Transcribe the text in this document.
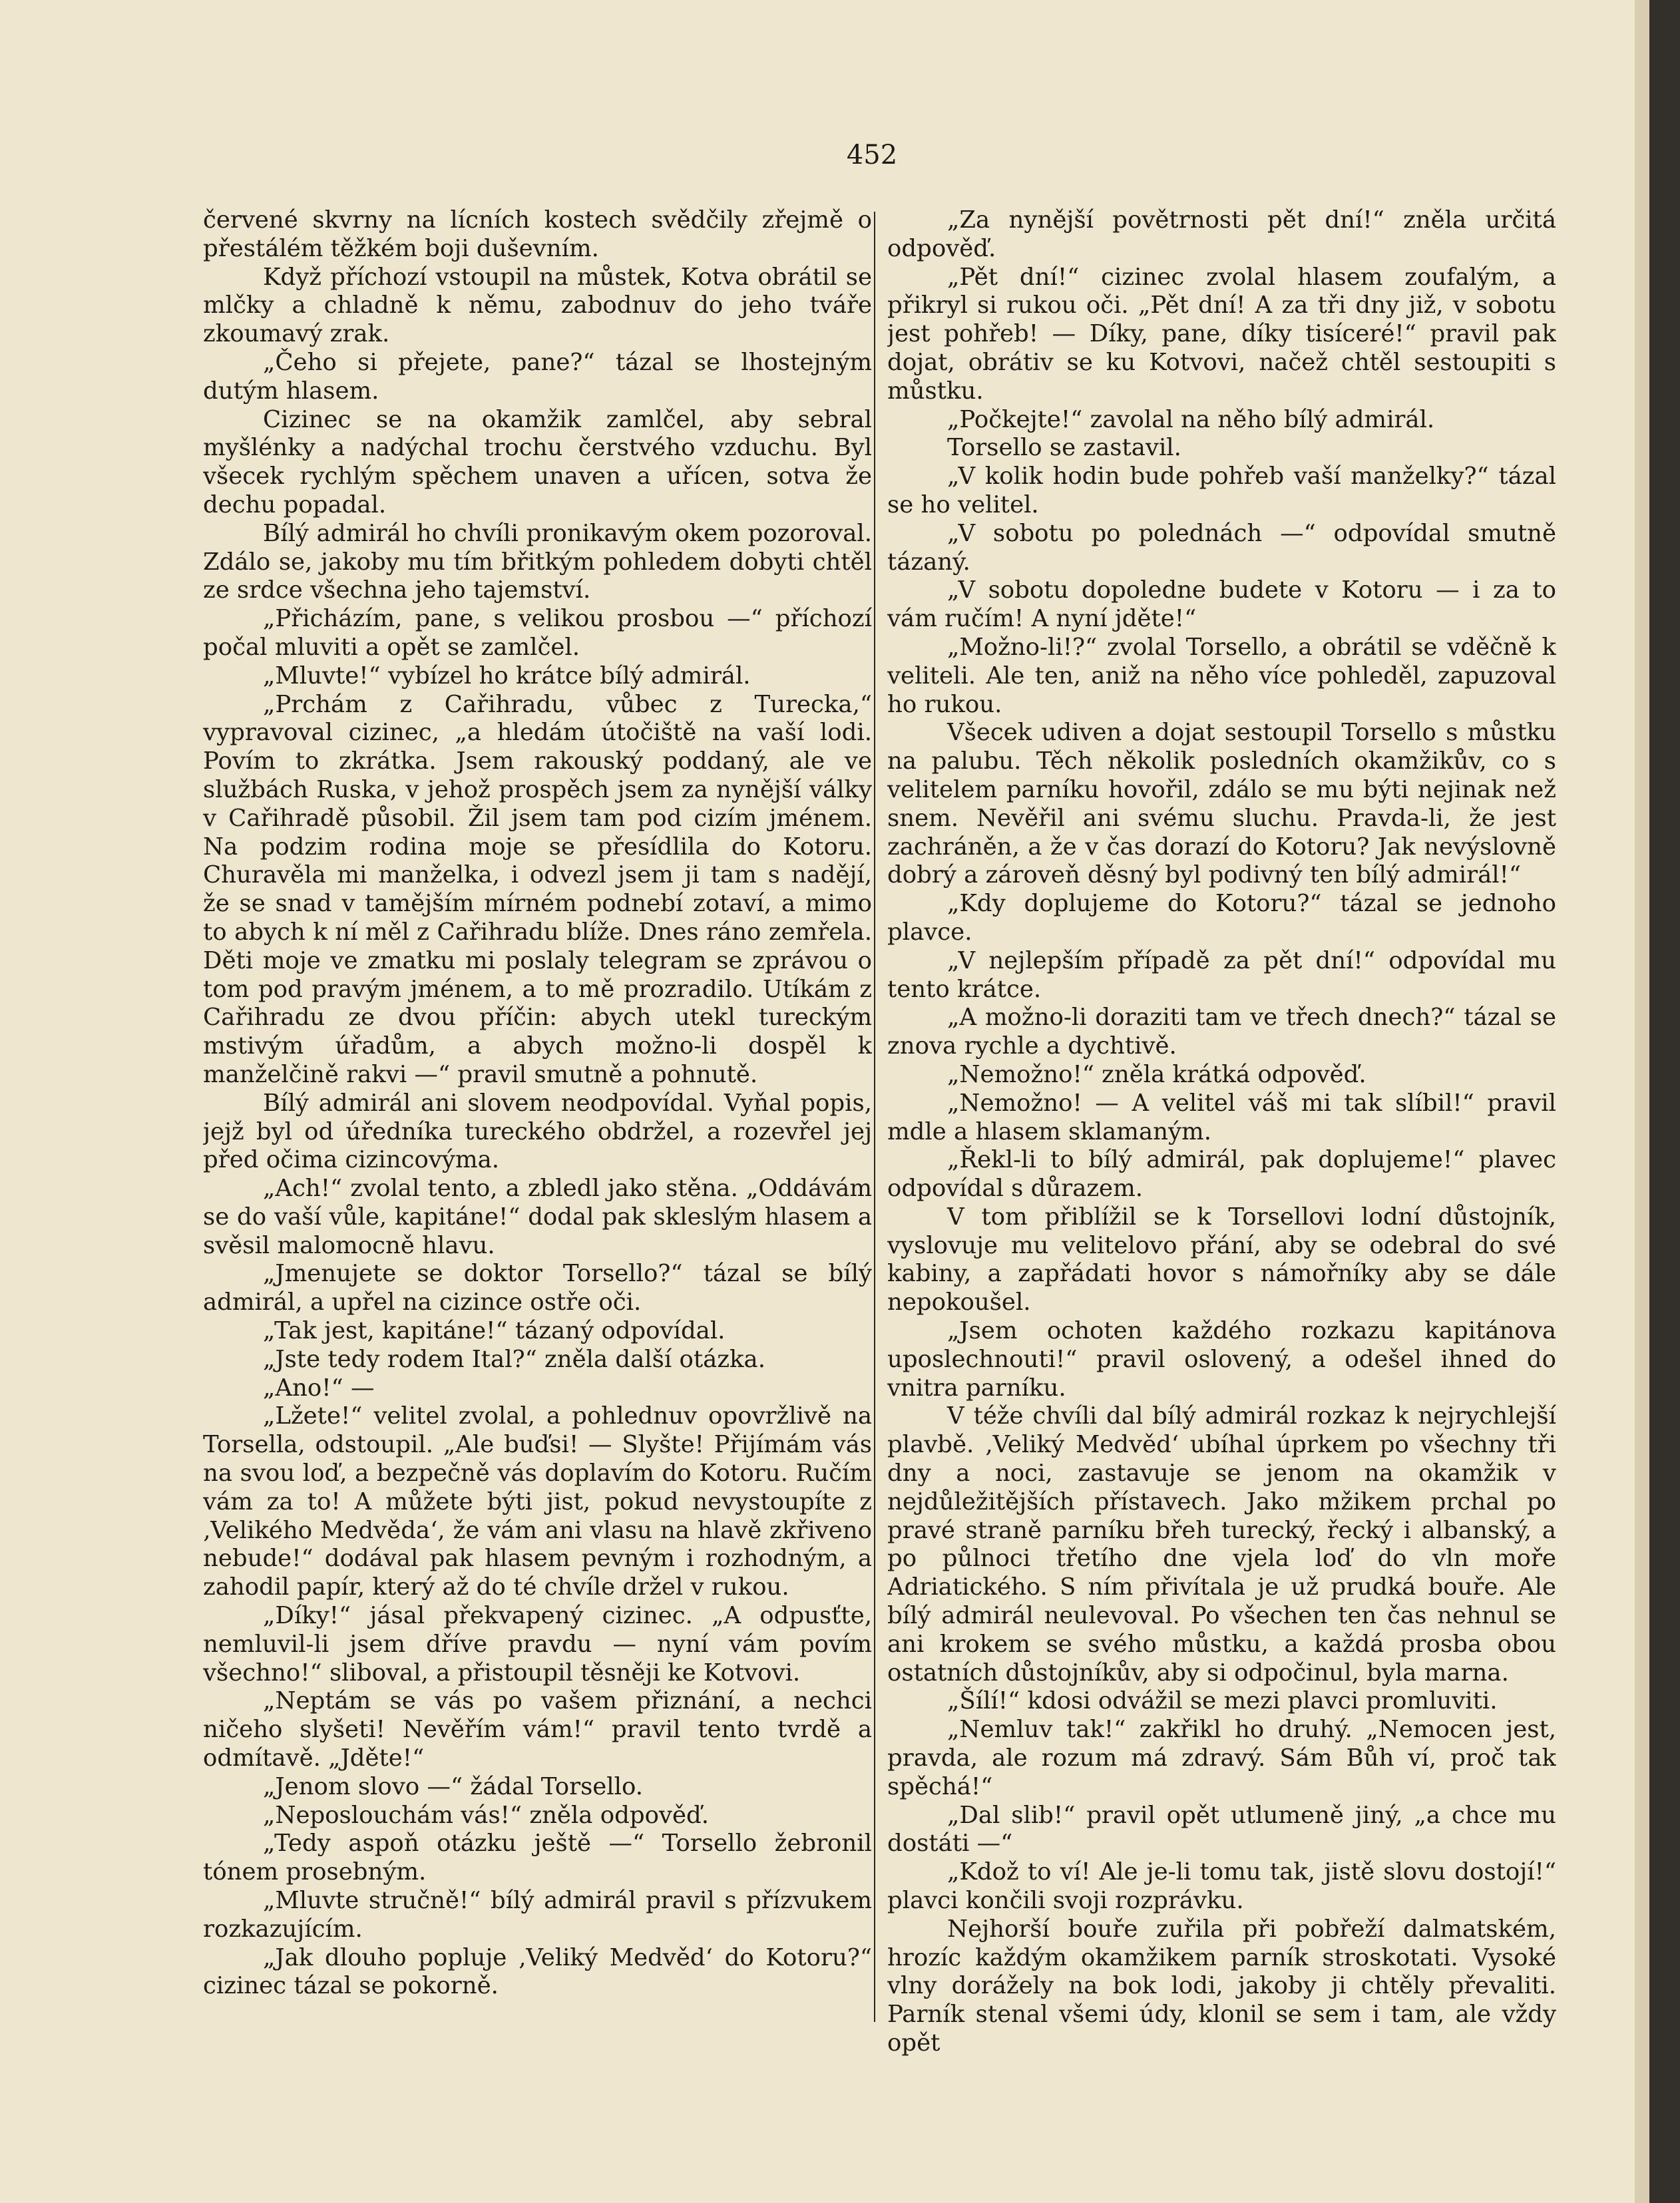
452

červené skvrny na lícních kostech svědčily zřejmě o přestálém těžkém boji duševním.

Když příchozí vstoupil na můstek, Kotva obrátil se mlčky a chladně k němu, zabodnuv do jeho tváře zkoumavý zrak.

„Čeho si přejete, pane?“ tázal se lhostejným dutým hlasem.

Cizinec se na okamžik zamlčel, aby sebral myšlénky a nadýchal trochu čerstvého vzduchu. Byl všecek rychlým spěchem unaven a uřícen, sotva že dechu popadal.

Bílý admirál ho chvíli pronikavým okem pozoroval. Zdálo se, jakoby mu tím břitkým pohledem dobyti chtěl ze srdce všechna jeho tajemství.

„Přicházím, pane, s velikou prosbou —“ příchozí počal mluviti a opět se zamlčel.

„Mluvte!“ vybízel ho krátce bílý admirál.

„Prchám z Cařihradu, vůbec z Turecka,“ vypravoval cizinec, „a hledám útočiště na vaší lodi. Povím to zkrátka. Jsem rakouský poddaný, ale ve službách Ruska, v jehož prospěch jsem za nynější války v Cařihradě působil. Žil jsem tam pod cizím jménem. Na podzim rodina moje se přesídlila do Kotoru. Churavěla mi manželka, i odvezl jsem ji tam s nadějí, že se snad v tamějším mírném podnebí zotaví, a mimo to abych k ní měl z Cařihradu blíže. Dnes ráno zemřela. Děti moje ve zmatku mi poslaly telegram se zprávou o tom pod pravým jménem, a to mě prozradilo. Utíkám z Cařihradu ze dvou příčin: abych utekl tureckým mstivým úřadům, a abych možno-li dospěl k manželčině rakvi —“ pravil smutně a pohnutě.

Bílý admirál ani slovem neodpovídal. Vyňal popis, jejž byl od úředníka tureckého obdržel, a rozevřel jej před očima cizincovýma.

„Ach!“ zvolal tento, a zbledl jako stěna. „Oddávám se do vaší vůle, kapitáne!“ dodal pak skleslým hlasem a svěsil malomocně hlavu.

„Jmenujete se doktor Torsello?“ tázal se bílý admirál, a upřel na cizince ostře oči.

„Tak jest, kapitáne!“ tázaný odpovídal.

„Jste tedy rodem Ital?“ zněla další otázka.

„Ano!“ —

„Lžete!“ velitel zvolal, a pohlednuv opovržlivě na Torsella, odstoupil. „Ale buďsi! — Slyšte! Přijímám vás na svou loď, a bezpečně vás doplavím do Kotoru. Ručím vám za to! A můžete býti jist, pokud nevystoupíte z ‚Velikého Medvěda‘, že vám ani vlasu na hlavě zkřiveno nebude!“ dodával pak hlasem pevným i rozhodným, a zahodil papír, který až do té chvíle držel v rukou.

„Díky!“ jásal překvapený cizinec. „A odpusťte, nemluvil-li jsem dříve pravdu — nyní vám povím všechno!“ sliboval, a přistoupil těsněji ke Kotvovi.

„Neptám se vás po vašem přiznání, a nechci ničeho slyšeti! Nevěřím vám!“ pravil tento tvrdě a odmítavě. „Jděte!“

„Jenom slovo —“ žádal Torsello.

„Neposlouchám vás!“ zněla odpověď.

„Tedy aspoň otázku ještě —“ Torsello žebronil tónem prosebným.

„Mluvte stručně!“ bílý admirál pravil s přízvukem rozkazujícím.

„Jak dlouho popluje ‚Veliký Medvěd‘ do Kotoru?“ cizinec tázal se pokorně.

„Za nynější povětrnosti pět dní!“ zněla určitá odpověď.

„Pět dní!“ cizinec zvolal hlasem zoufalým, a přikryl si rukou oči. „Pět dní! A za tři dny již, v sobotu jest pohřeb! — Díky, pane, díky tisíceré!“ pravil pak dojat, obrátiv se ku Kotvovi, načež chtěl sestoupiti s můstku.

„Počkejte!“ zavolal na něho bílý admirál.

Torsello se zastavil.

„V kolik hodin bude pohřeb vaší manželky?“ tázal se ho velitel.

„V sobotu po polednách —“ odpovídal smutně tázaný.

„V sobotu dopoledne budete v Kotoru — i za to vám ručím! A nyní jděte!“

„Možno-li!?“ zvolal Torsello, a obrátil se vděčně k veliteli. Ale ten, aniž na něho více pohleděl, zapuzoval ho rukou.

Všecek udiven a dojat sestoupil Torsello s můstku na palubu. Těch několik posledních okamžikův, co s velitelem parníku hovořil, zdálo se mu býti nejinak než snem. Nevěřil ani svému sluchu. Pravda-li, že jest zachráněn, a že v čas dorazí do Kotoru? Jak nevýslovně dobrý a zároveň děsný byl podivný ten bílý admirál!“

„Kdy doplujeme do Kotoru?“ tázal se jednoho plavce.

„V nejlepším případě za pět dní!“ odpovídal mu tento krátce.

„A možno-li doraziti tam ve třech dnech?“ tázal se znova rychle a dychtivě.

„Nemožno!“ zněla krátká odpověď.

„Nemožno! — A velitel váš mi tak slíbil!“ pravil mdle a hlasem sklamaným.

„Řekl-li to bílý admirál, pak doplujeme!“ plavec odpovídal s důrazem.

V tom přiblížil se k Torsellovi lodní důstojník, vyslovuje mu velitelovo přání, aby se odebral do své kabiny, a zapřádati hovor s námořníky aby se dále nepokoušel.

„Jsem ochoten každého rozkazu kapitánova uposlechnouti!“ pravil oslovený, a odešel ihned do vnitra parníku.

V téže chvíli dal bílý admirál rozkaz k nejrychlejší plavbě. ‚Veliký Medvěd‘ ubíhal úprkem po všechny tři dny a noci, zastavuje se jenom na okamžik v nejdůležitějších přístavech. Jako mžikem prchal po pravé straně parníku břeh turecký, řecký i albanský, a po půlnoci třetího dne vjela loď do vln moře Adriatického. S ním přivítala je už prudká bouře. Ale bílý admirál neulevoval. Po všechen ten čas nehnul se ani krokem se svého můstku, a každá prosba obou ostatních důstojníkův, aby si odpočinul, byla marna.

„Šílí!“ kdosi odvážil se mezi plavci promluviti.

„Nemluv tak!“ zakřikl ho druhý. „Nemocen jest, pravda, ale rozum má zdravý. Sám Bůh ví, proč tak spěchá!“

„Dal slib!“ pravil opět utlumeně jiný, „a chce mu dostáti —“

„Kdož to ví! Ale je-li tomu tak, jistě slovu dostojí!“ plavci končili svoji rozprávku.

Nejhorší bouře zuřila při pobřeží dalmatském, hrozíc každým okamžikem parník stroskotati. Vysoké vlny dorážely na bok lodi, jakoby ji chtěly převaliti. Parník stenal všemi údy, klonil se sem i tam, ale vždy opět
